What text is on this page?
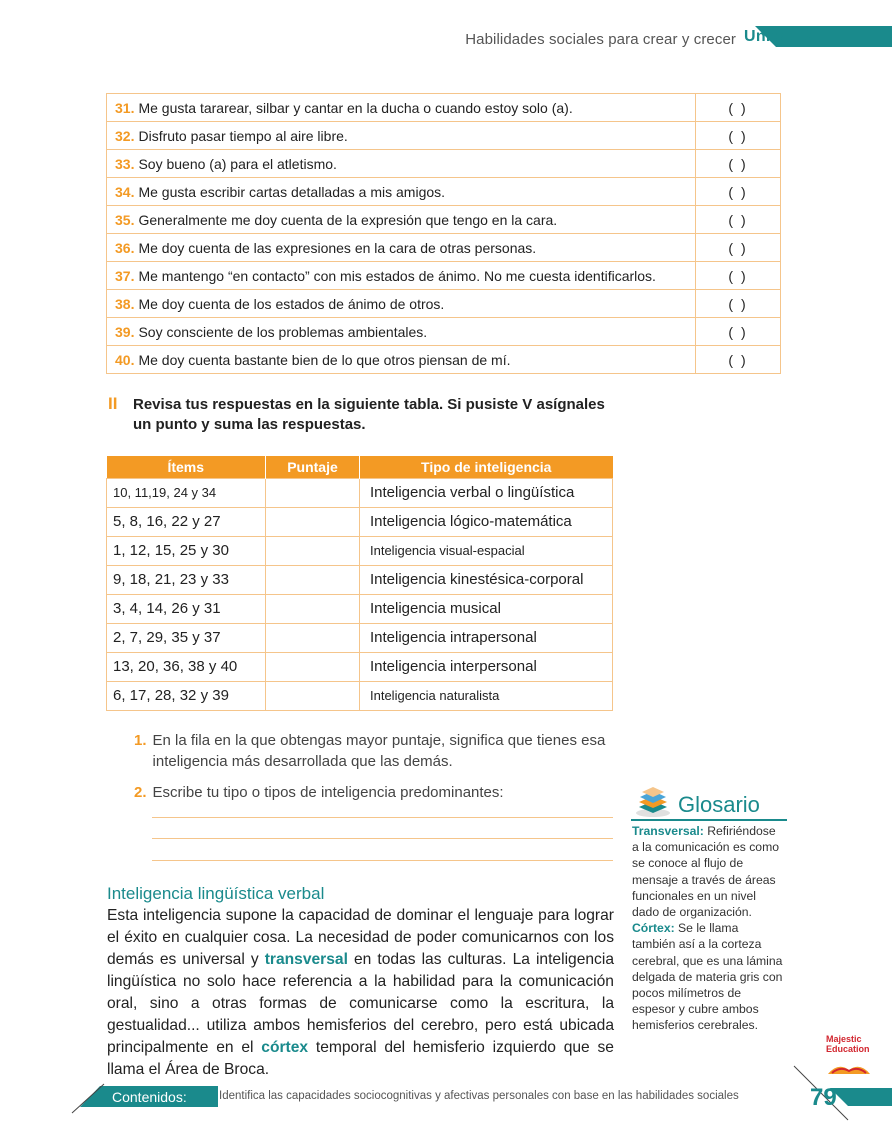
Habilidades sociales para crear y crecer Unidad 2
31. Me gusta tararear, silbar y cantar en la ducha o cuando estoy solo (a).	( )
32. Disfruto pasar tiempo al aire libre.	( )
33. Soy bueno (a) para el atletismo.	( )
34. Me gusta escribir cartas detalladas a mis amigos.	( )
35. Generalmente me doy cuenta de la expresión que tengo en la cara.	( )
36. Me doy cuenta de las expresiones en la cara de otras personas.	( )
37. Me mantengo “en contacto” con mis estados de ánimo. No me cuesta identificarlos.	( )
38. Me doy cuenta de los estados de ánimo de otros.	( )
39. Soy consciente de los problemas ambientales.	( )
40. Me doy cuenta bastante bien de lo que otros piensan de mí.	( )
II Revisa tus respuestas en la siguiente tabla. Si pusiste V asígnales un punto y suma las respuestas.
Ítems	Puntaje	Tipo de inteligencia
10, 11,19, 24 y 34		Inteligencia verbal o lingüística
5, 8, 16, 22 y 27		Inteligencia lógico-matemática
1, 12, 15, 25 y 30		Inteligencia visual-espacial
9, 18, 21, 23 y 33		Inteligencia kinestésica-corporal
3, 4, 14, 26 y 31		Inteligencia musical
2, 7, 29, 35 y 37		Inteligencia intrapersonal
13, 20, 36, 38 y 40		Inteligencia interpersonal
6, 17, 28, 32 y 39		Inteligencia naturalista
1. En la fila en la que obtengas mayor puntaje, significa que tienes esa inteligencia más desarrollada que las demás.
2. Escribe tu tipo o tipos de inteligencia predominantes:
Inteligencia lingüística verbal
Esta inteligencia supone la capacidad de dominar el lenguaje para lograr el éxito en cualquier cosa. La necesidad de poder comunicarnos con los demás es universal y transversal en todas las culturas. La inteligencia lingüística no solo hace referencia a la habilidad para la comunicación oral, sino a otras formas de comunicarse como la escritura, la gestualidad... utiliza ambos hemisferios del cerebro, pero está ubicada principalmente en el córtex temporal del hemisferio izquierdo que se llama el Área de Broca.
Glosario
Transversal: Refiriéndose a la comunicación es como se conoce al flujo de mensaje a través de áreas funcionales en un nivel dado de organización.
Córtex: Se le llama también así a la corteza cerebral, que es una lámina delgada de materia gris con pocos milímetros de espesor y cubre ambos hemisferios cerebrales.
Majestic
Education
Contenidos:	Identifica las capacidades sociocognitivas y afectivas personales con base en las habilidades sociales	79
